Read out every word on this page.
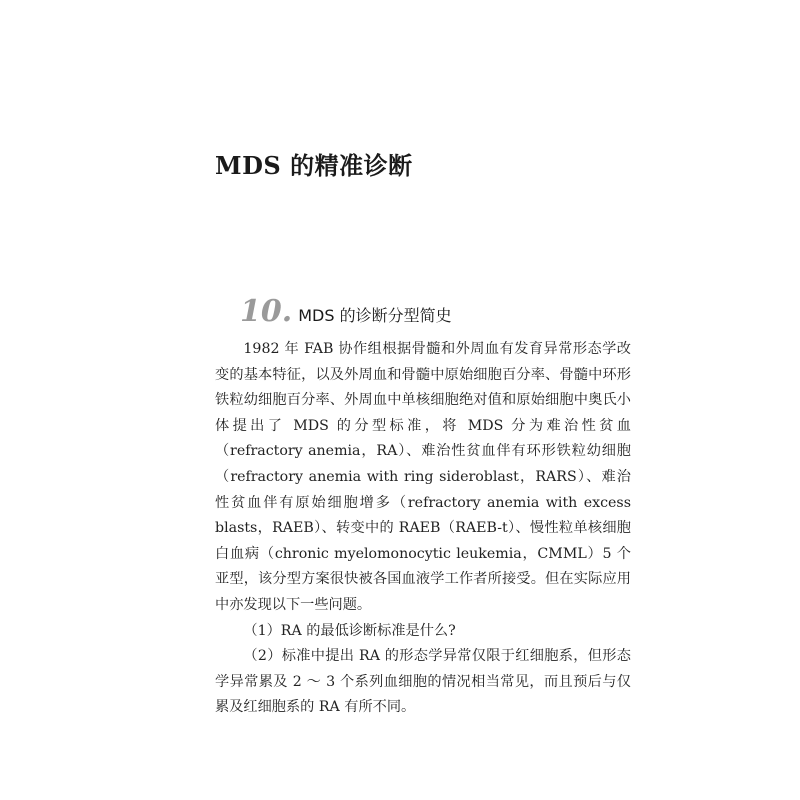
MDS 的精准诊断
10. MDS 的诊断分型简史

1982 年 FAB 协作组根据骨髓和外周血有发育异常形态学改变的基本特征，以及外周血和骨髓中原始细胞百分率、骨髓中环形铁粒幼细胞百分率、外周血中单核细胞绝对值和原始细胞中奥氏小体提出了 MDS 的分型标准，将 MDS 分为难治性贫血（refractory anemia，RA）、难治性贫血伴有环形铁粒幼细胞（refractory anemia with ring sideroblast，RARS）、难治性贫血伴有原始细胞增多（refractory anemia with excess blasts，RAEB）、转变中的 RAEB（RAEB-t）、慢性粒单核细胞白血病（chronic myelomonocytic leukemia，CMML）5 个亚型，该分型方案很快被各国血液学工作者所接受。但在实际应用中亦发现以下一些问题。

（1）RA 的最低诊断标准是什么?

（2）标准中提出 RA 的形态学异常仅限于红细胞系，但形态学异常累及 2 ～ 3 个系列血细胞的情况相当常见，而且预后与仅累及红细胞系的 RA 有所不同。
